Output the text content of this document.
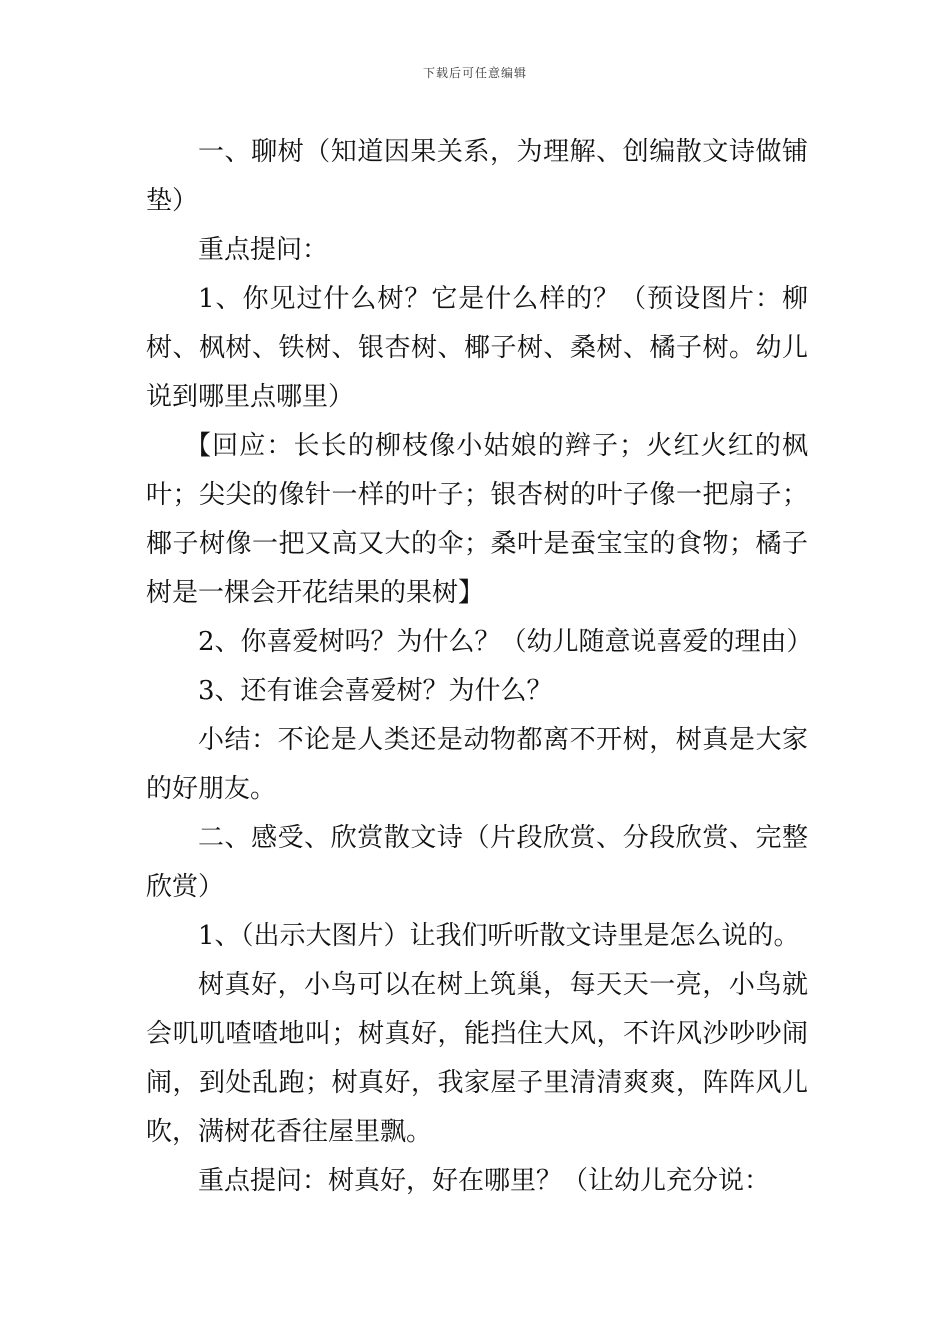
下载后可任意编辑

一、聊树（知道因果关系，为理解、创编散文诗做铺垫）

重点提问：

1、你见过什么树？它是什么样的？（预设图片：柳树、枫树、铁树、银杏树、椰子树、桑树、橘子树。幼儿说到哪里点哪里）

【回应：长长的柳枝像小姑娘的辫子；火红火红的枫叶；尖尖的像针一样的叶子；银杏树的叶子像一把扇子；椰子树像一把又高又大的伞；桑叶是蚕宝宝的食物；橘子树是一棵会开花结果的果树】

2、你喜爱树吗？为什么？（幼儿随意说喜爱的理由）

3、还有谁会喜爱树？为什么？

小结：不论是人类还是动物都离不开树，树真是大家的好朋友。

二、感受、欣赏散文诗（片段欣赏、分段欣赏、完整欣赏）

1、（出示大图片）让我们听听散文诗里是怎么说的。

树真好，小鸟可以在树上筑巢，每天天一亮，小鸟就会叽叽喳喳地叫；树真好，能挡住大风，不许风沙吵吵闹闹，到处乱跑；树真好，我家屋子里清清爽爽，阵阵风儿吹，满树花香往屋里飘。

重点提问：树真好，好在哪里？（让幼儿充分说：
